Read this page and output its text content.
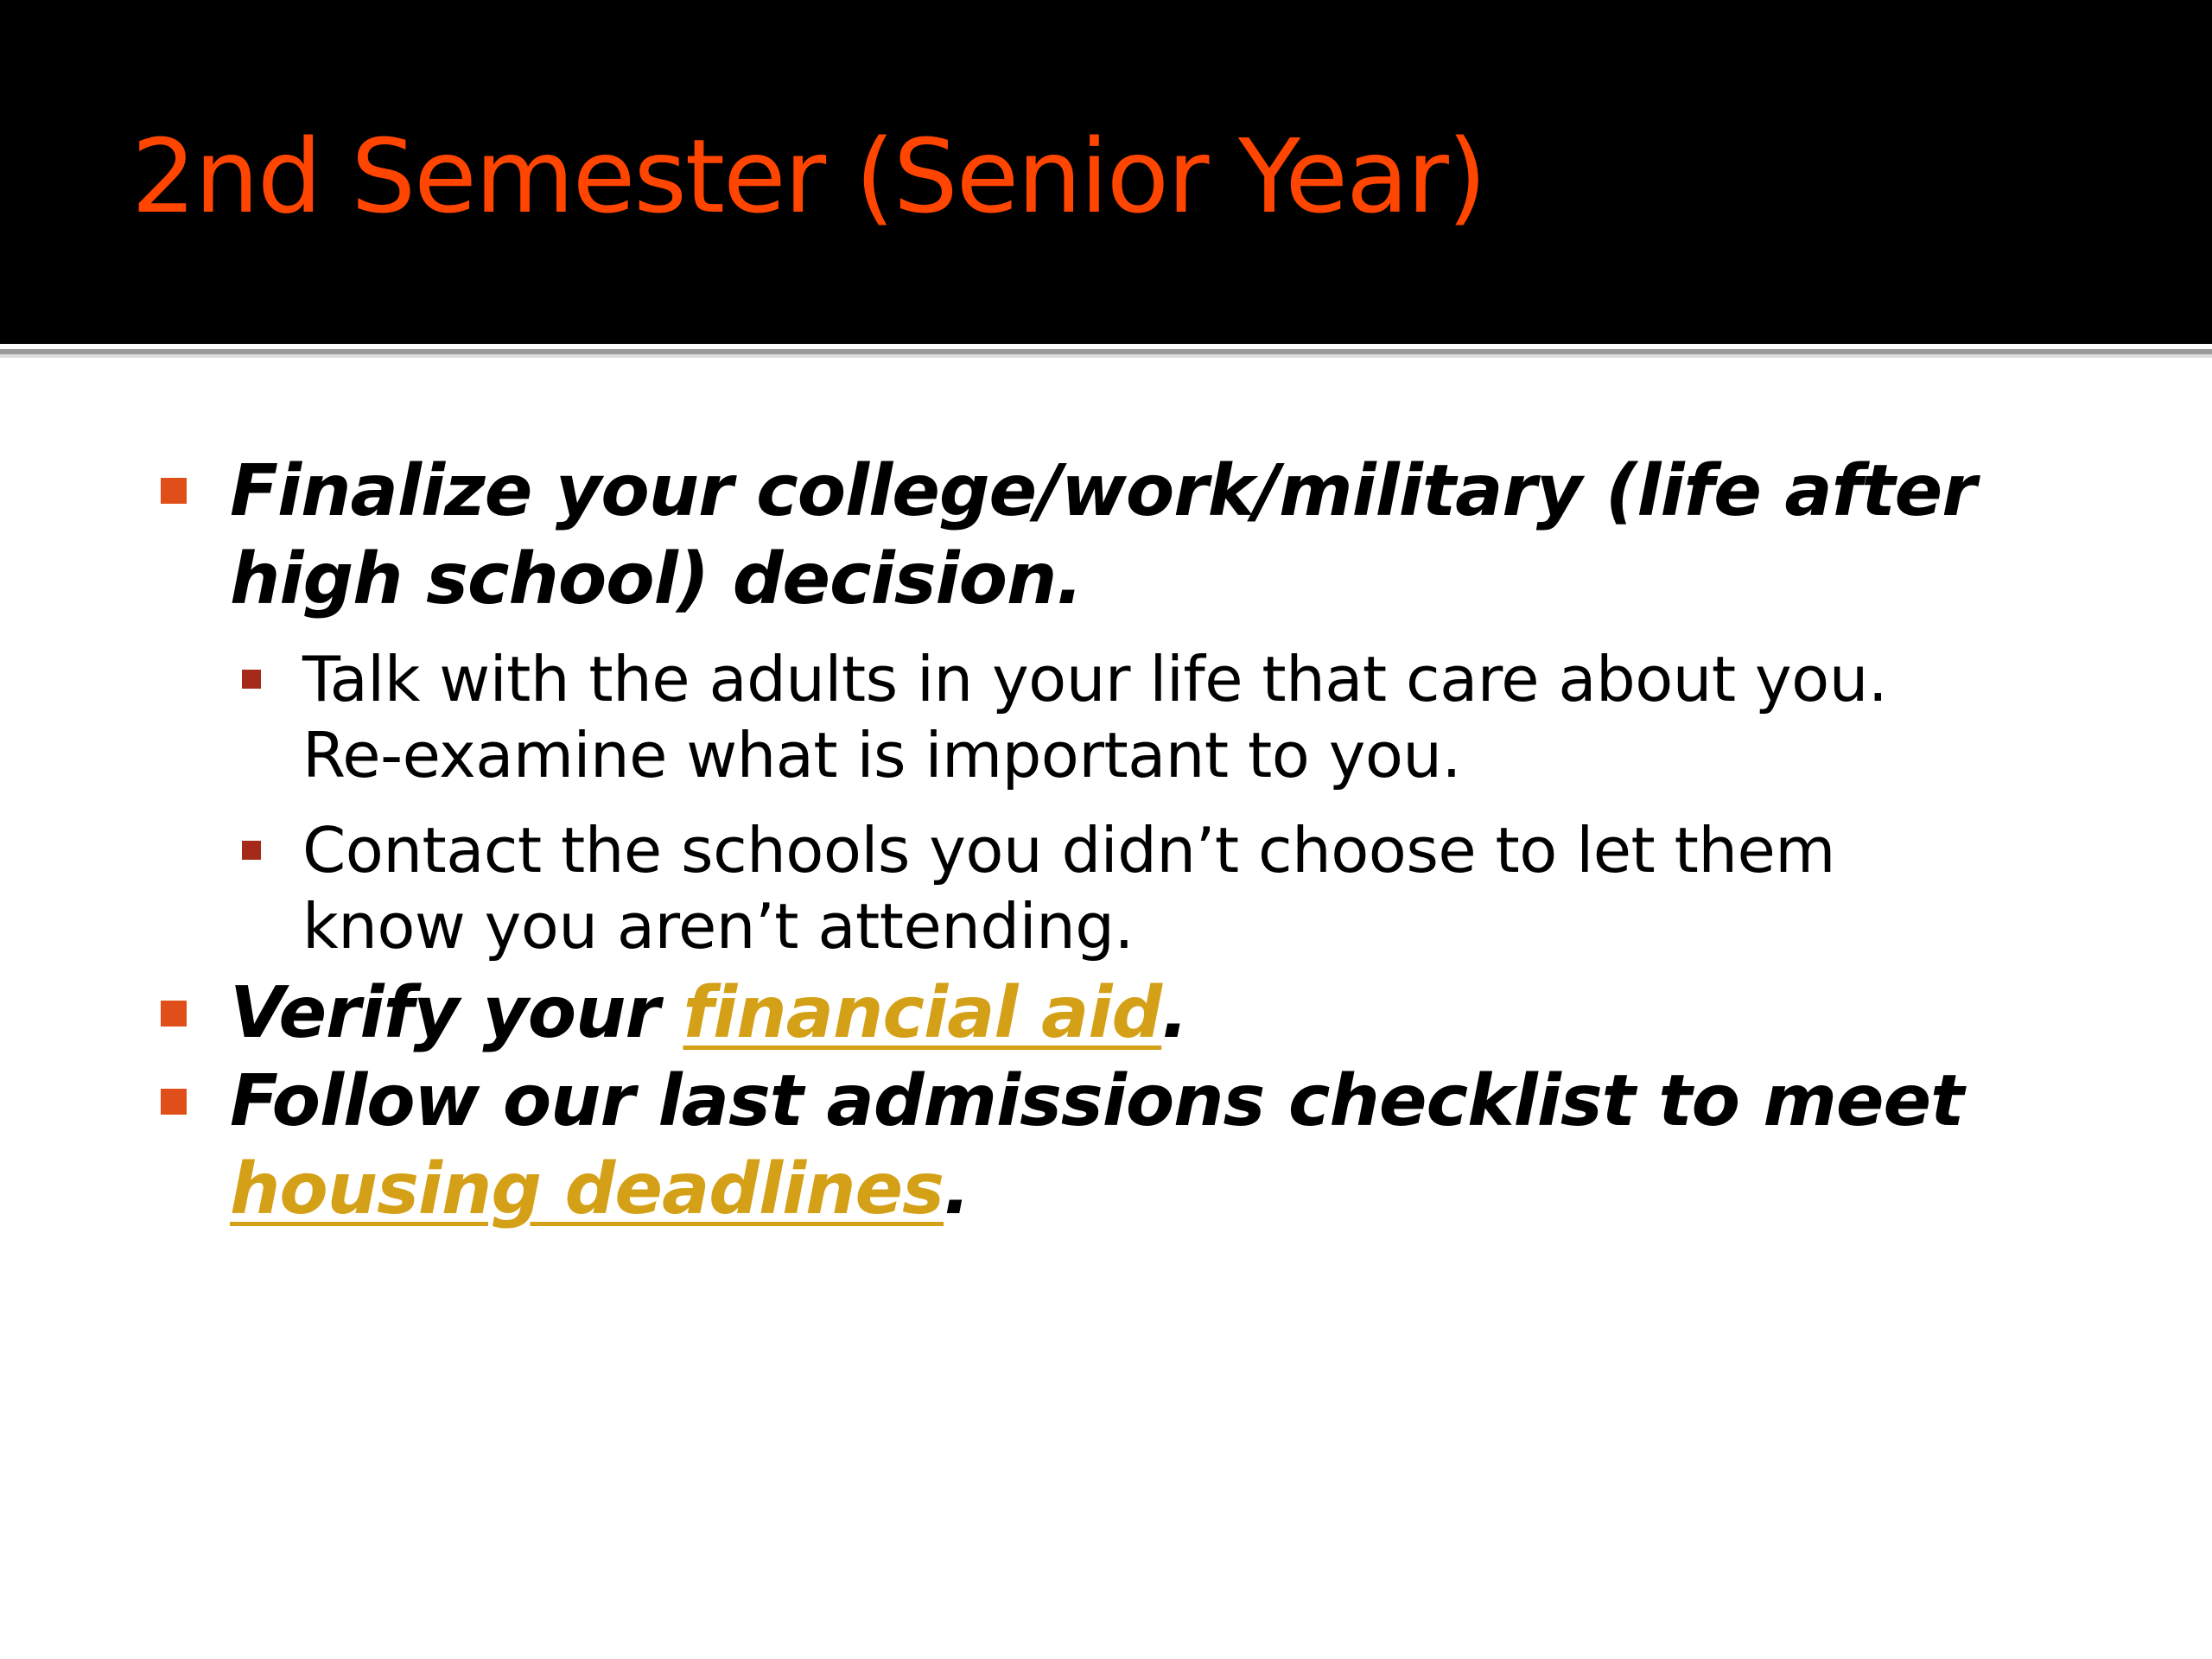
2nd Semester (Senior Year)

Finalize your college/work/military (life after
high school) decision.

Talk with the adults in your life that care about you.
Re-examine what is important to you.

Contact the schools you didn’t choose to let them
know you aren’t attending.

Verify your financial aid.

Follow our last admissions checklist to meet
housing deadlines.
